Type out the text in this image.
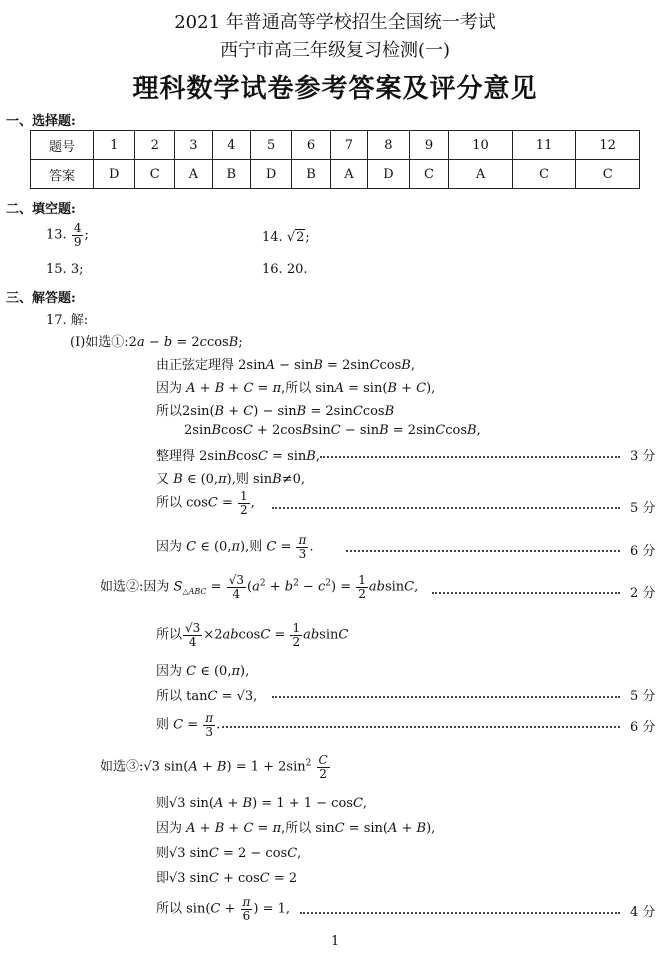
2021 年普通高等学校招生全国统一考试
西宁市高三年级复习检测(一)
理科数学试卷参考答案及评分意见
一、选择题:
题号	1	2	3	4	5	6	7	8	9	10	11	12
答案	D	C	A	B	D	B	A	D	C	A	C	C
二、填空题:
13. $\frac{4}{9}$ ;	14. √2;
15. 3;	16. 20.
三、解答题:
17. 解:
(Ⅰ)如选①:2a − b = 2ccosB;
由正弦定理得 2sinA − sinB = 2sinCcosB,
因为 A + B + C = π,所以 sinA = sin(B + C),
所以2sin(B + C) − sinB = 2sinCcosB
2sinBcosC + 2cosBsinC − sinB = 2sinCcosB,
整理得 2sinBcosC = sinB,	3 分
又 B ∈ (0,π),则 sinB≠0,
所以 $\cos C = \frac{1}{2}$ ,	5 分
因为 C ∈ (0,π),则 $C = \frac{\pi}{3}$ .	6 分
如选②:因为 $S_{\triangle ABC} = \frac{√3}{4} (a^2 + b^2 - c^2) = \frac{1}{2} absinC$,	2 分
所以 $\frac{√3}{4} \times 2abcosC = \frac{1}{2}$ absinC
因为 C ∈ (0,π),
所以 tanC = √3,	5 分
则 $C = \frac{\pi}{3}$ .	6 分
如选③:√3 $\sin(A + B) = 1 + 2\sin^2 \frac{C}{2}$
则√3 sin(A + B) = 1 + 1 − cosC,
因为 A + B + C = π,所以 sinC = sin(A + B),
则√3 sinC = 2 − cosC,
即√3 sinC + cosC = 2
所以 $\sin(C + \frac{\pi}{6}$ ) = 1,	4 分
1
